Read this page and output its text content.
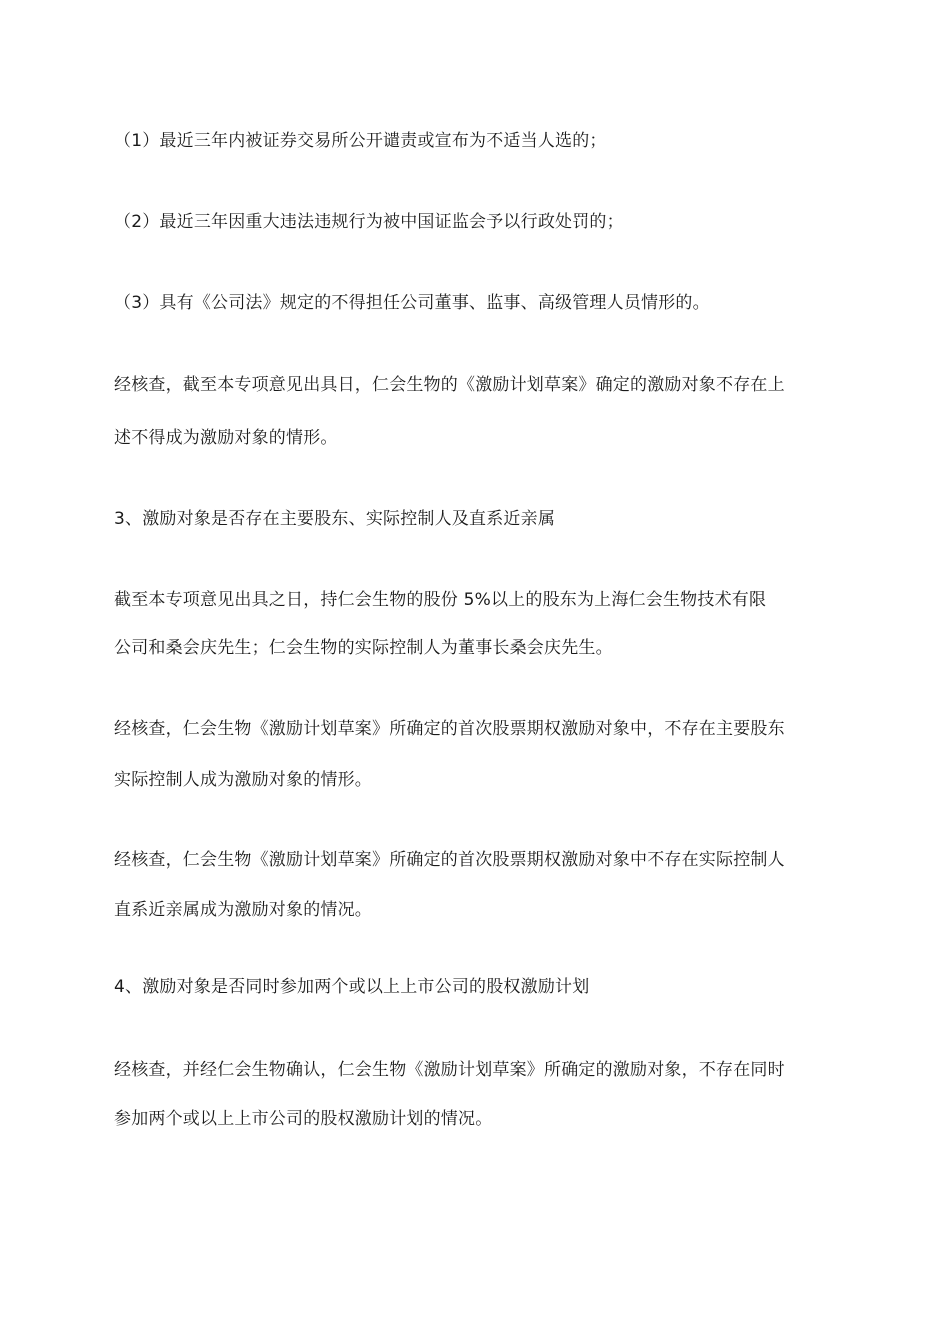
（1）最近三年内被证券交易所公开谴责或宣布为不适当人选的；
（2）最近三年因重大违法违规行为被中国证监会予以行政处罚的；
（3）具有《公司法》规定的不得担任公司董事、监事、高级管理人员情形的。
经核查，截至本专项意见出具日，仁会生物的《激励计划草案》确定的激励对象不存在上
述不得成为激励对象的情形。
3、激励对象是否存在主要股东、实际控制人及直系近亲属
截至本专项意见出具之日，持仁会生物的股份 5%以上的股东为上海仁会生物技术有限
公司和桑会庆先生；仁会生物的实际控制人为董事长桑会庆先生。
经核查，仁会生物《激励计划草案》所确定的首次股票期权激励对象中，不存在主要股东
实际控制人成为激励对象的情形。
经核查，仁会生物《激励计划草案》所确定的首次股票期权激励对象中不存在实际控制人
直系近亲属成为激励对象的情况。
4、激励对象是否同时参加两个或以上上市公司的股权激励计划
经核查，并经仁会生物确认，仁会生物《激励计划草案》所确定的激励对象，不存在同时
参加两个或以上上市公司的股权激励计划的情况。
